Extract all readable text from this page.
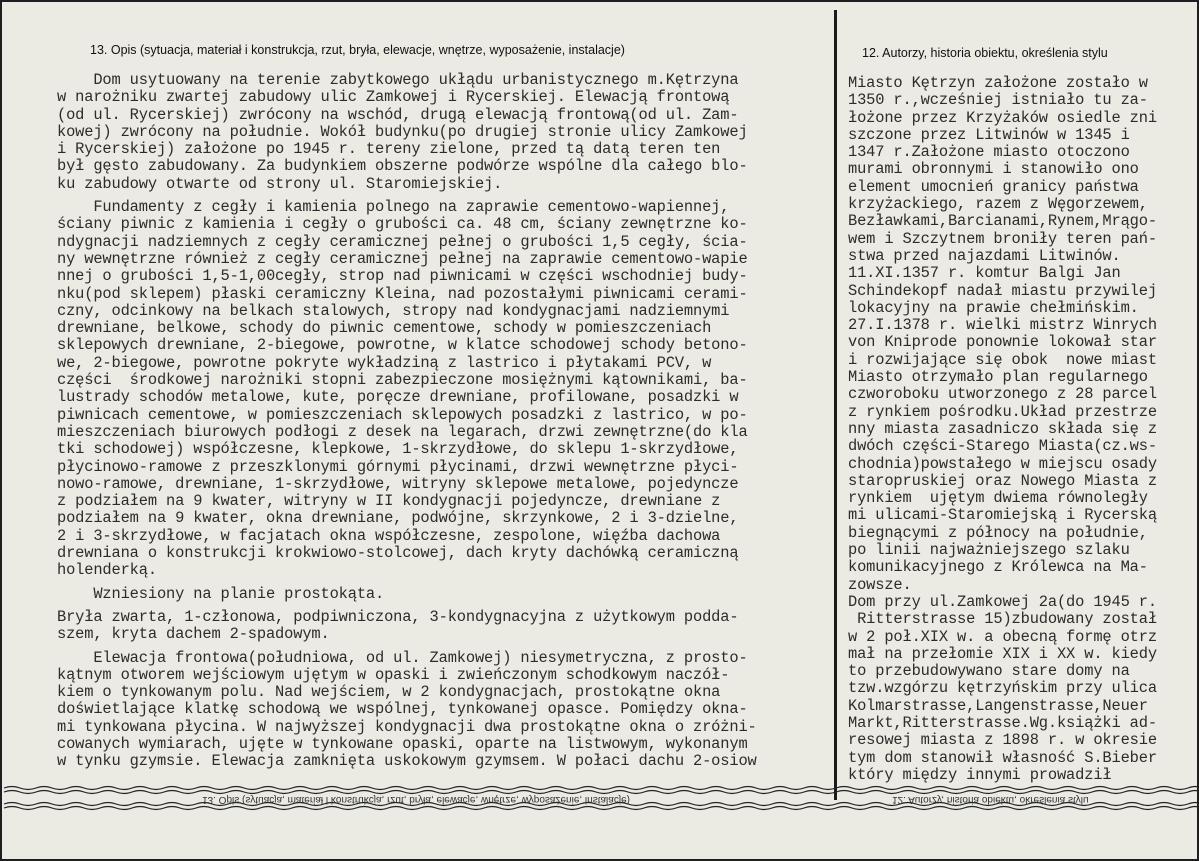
13. Opis (sytuacja, materiał i konstrukcja, rzut, bryła, elewacje, wnętrze, wyposażenie, instalacje)	12. Autorzy, historia obiektu, określenia stylu
Dom usytuowany na terenie zabytkowego ukłądu urbanistycznego m.Kętrzyna
w narożniku zwartej zabudowy ulic Zamkowej i Rycerskiej. Elewacją frontową
(od ul. Rycerskiej) zwrócony na wschód, drugą elewacją frontową(od ul. Zam-
kowej) zwrócony na południe. Wokół budynku(po drugiej stronie ulicy Zamkowej
i Rycerskiej) założone po 1945 r. tereny zielone, przed tą datą teren ten
był gęsto zabudowany. Za budynkiem obszerne podwórze wspólne dla całego blo-
ku zabudowy otwarte od strony ul. Staromiejskiej.
Fundamenty z cegły i kamienia polnego na zaprawie cementowo-wapiennej,
ściany piwnic z kamienia i cegły o grubości ca. 48 cm, ściany zewnętrzne ko-
ndygnacji nadziemnych z cegły ceramicznej pełnej o grubości 1,5 cegły, ścia-
ny wewnętrzne również z cegły ceramicznej pełnej na zaprawie cementowo-wapie
nnej o grubości 1,5-1,00cegły, strop nad piwnicami w części wschodniej budy-
nku(pod sklepem) płaski ceramiczny Kleina, nad pozostałymi piwnicami cerami-
czny, odcinkowy na belkach stalowych, stropy nad kondygnacjami nadziemnymi
drewniane, belkowe, schody do piwnic cementowe, schody w pomieszczeniach
sklepowych drewniane, 2-biegowe, powrotne, w klatce schodowej schody betono-
we, 2-biegowe, powrotne pokryte wykładziną z lastrico i płytakami PCV, w
części  środkowej narożniki stopni zabezpieczone mosiężnymi kątownikami, ba-
lustrady schodów metalowe, kute, poręcze drewniane, profilowane, posadzki w
piwnicach cementowe, w pomieszczeniach sklepowych posadzki z lastrico, w po-
mieszczeniach biurowych podłogi z desek na legarach, drzwi zewnętrzne(do kla
tki schodowej) współczesne, klepkowe, 1-skrzydłowe, do sklepu 1-skrzydłowe,
płycinowo-ramowe z przeszklonymi górnymi płycinami, drzwi wewnętrzne płyci-
nowo-ramowe, drewniane, 1-skrzydłowe, witryny sklepowe metalowe, pojedyncze
z podziałem na 9 kwater, witryny w II kondygnacji pojedyncze, drewniane z
podziałem na 9 kwater, okna drewniane, podwójne, skrzynkowe, 2 i 3-dzielne,
2 i 3-skrzydłowe, w facjatach okna współczesne, zespolone, więźba dachowa
drewniana o konstrukcji krokwiowo-stolcowej, dach kryty dachówką ceramiczną
holenderką.
Wzniesiony na planie prostokąta.
Bryła zwarta, 1-członowa, podpiwniczona, 3-kondygnacyjna z użytkowym podda-
szem, kryta dachem 2-spadowym.
Elewacja frontowa(południowa, od ul. Zamkowej) niesymetryczna, z prosto-
kątnym otworem wejściowym ujętym w opaski i zwieńczonym schodkowym naczół-
kiem o tynkowanym polu. Nad wejściem, w 2 kondygnacjach, prostokątne okna
doświetlające klatkę schodową we wspólnej, tynkowanej opasce. Pomiędzy okna-
mi tynkowana płycina. W najwyższej kondygnacji dwa prostokątne okna o zróżni-
cowanych wymiarach, ujęte w tynkowane opaski, oparte na listwowym, wykonanym
w tynku gzymsie. Elewacja zamknięta uskokowym gzymsem. W połaci dachu 2-osiow
Miasto Kętrzyn założone zostało w
1350 r.,wcześniej istniało tu za-
łożone przez Krzyżaków osiedle zni
szczone przez Litwinów w 1345 i
1347 r.Założone miasto otoczono
murami obronnymi i stanowiło ono
element umocnień granicy państwa
krzyżackiego, razem z Węgorzewem,
Bezławkami,Barcianami,Rynem,Mrągo-
wem i Szczytnem broniły teren pań-
stwa przed najazdami Litwinów.
11.XI.1357 r. komtur Balgi Jan
Schindekopf nadał miastu przywilej
lokacyjny na prawie chełmińskim.
27.I.1378 r. wielki mistrz Winrych
von Kniprode ponownie lokował star
i rozwijające się obok  nowe miast
Miasto otrzymało plan regularnego
czworoboku utworzonego z 28 parcel
z rynkiem pośrodku.Układ przestrze
nny miasta zasadniczo składa się z
dwóch części-Starego Miasta(cz.ws-
chodnia)powstałego w miejscu osady
staropruskiej oraz Nowego Miasta z
rynkiem  ujętym dwiema równoległy
mi ulicami-Staromiejską i Rycerską
biegnącymi z północy na południe,
po linii najważniejszego szlaku
komunikacyjnego z Królewca na Ma-
zowsze.
Dom przy ul.Zamkowej 2a(do 1945 r.
Ritterstrasse 15)zbudowany został
w 2 poł.XIX w. a obecną formę otrz
mał na przełomie XIX i XX w. kiedy
to przebudowywano stare domy na
tzw.wzgórzu kętrzyńskim przy ulica
Kolmarstrasse,Langenstrasse,Neuer
Markt,Ritterstrasse.Wg.książki ad-
resowej miasta z 1898 r. w okresie
tym dom stanowił własność S.Bieber
który między innymi prowadził
13. Opis (sytuacja, materiał i konstrukcja, rzut, bryła, elewacje, wnętrze, wyposażenie, instalacje)	12. Autorzy, historia obiektu, określenia stylu
